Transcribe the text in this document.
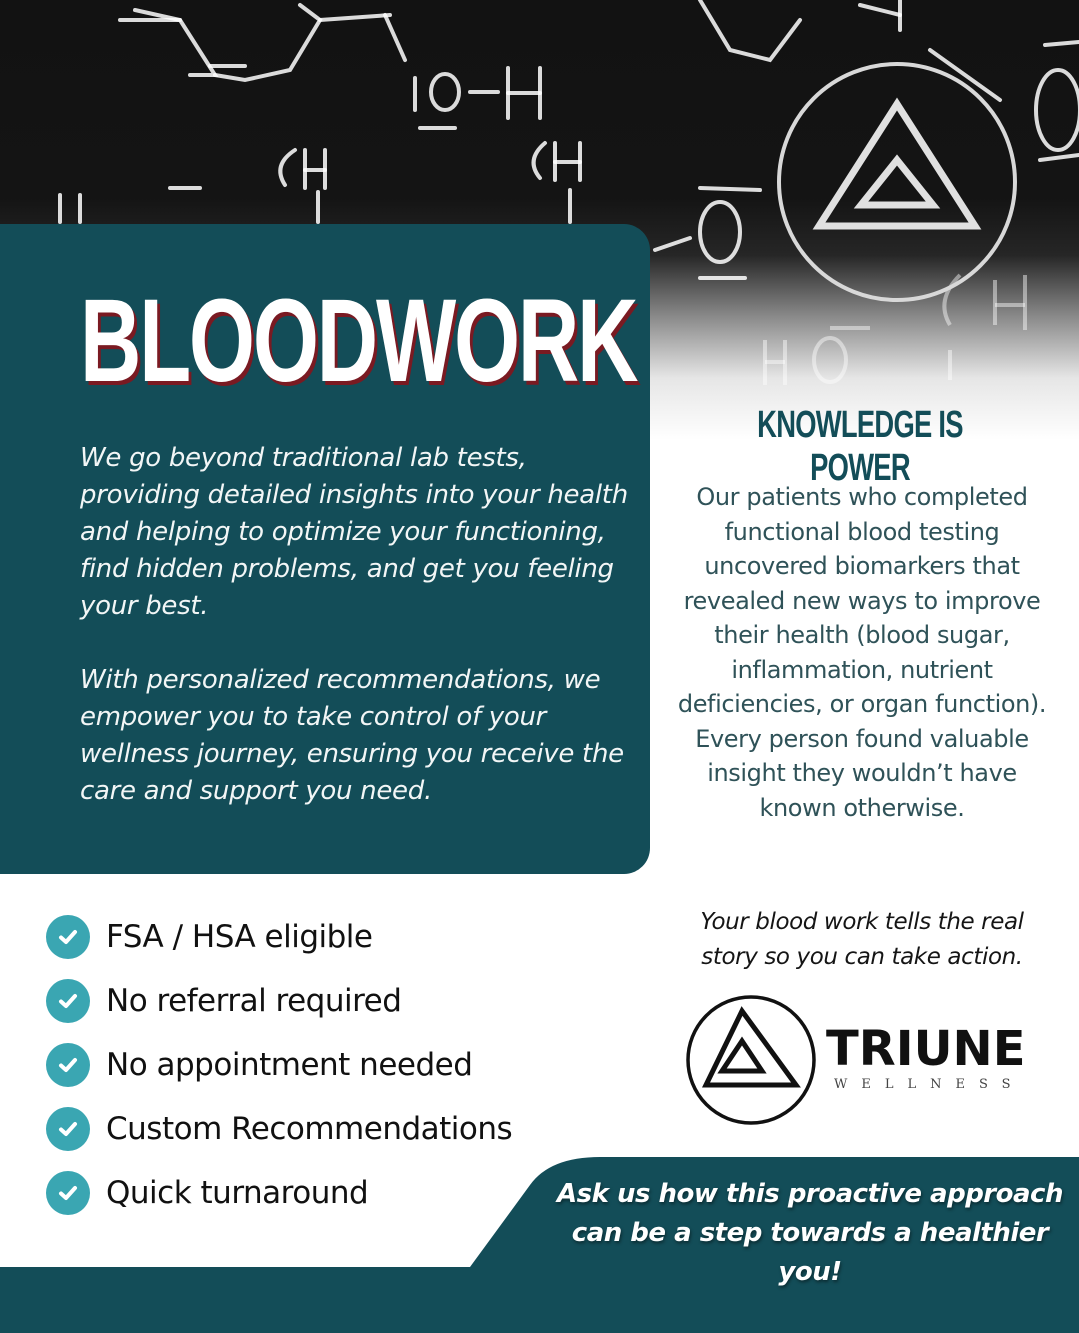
BLOODWORK

We go beyond traditional lab tests, providing detailed insights into your health and helping to optimize your functioning, find hidden problems, and get you feeling your best.

With personalized recommendations, we empower you to take control of your wellness journey, ensuring you receive the care and support you need.

KNOWLEDGE IS POWER

Our patients who completed functional blood testing uncovered biomarkers that revealed new ways to improve their health (blood sugar, inflammation, nutrient deficiencies, or organ function). Every person found valuable insight they wouldn’t have known otherwise.

FSA / HSA eligible
No referral required
No appointment needed
Custom Recommendations
Quick turnaround

Your blood work tells the real story so you can take action.

TRIUNE
WELLNESS

Ask us how this proactive approach can be a step towards a healthier you!
